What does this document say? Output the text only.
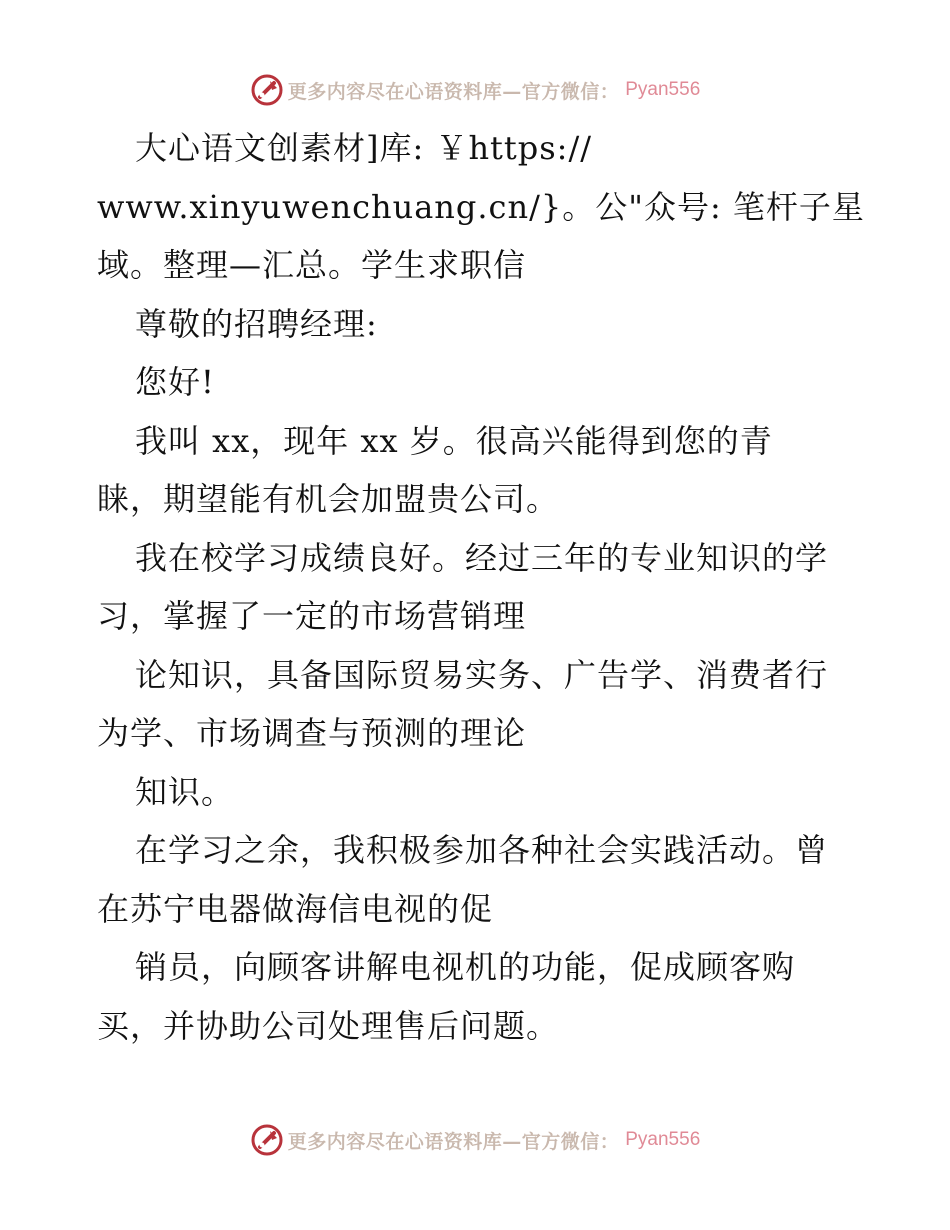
更多内容尽在心语资料库—官方微信： Pyan556
大心语文创素材]库: ￥https://
www.xinyuwenchuang.cn/}。公"众号: 笔杆子星
域。整理—汇总。学生求职信
尊敬的招聘经理:
您好!
我叫 xx，现年 xx 岁。很高兴能得到您的青
睐，期望能有机会加盟贵公司。
我在校学习成绩良好。经过三年的专业知识的学
习，掌握了一定的市场营销理
论知识，具备国际贸易实务、广告学、消费者行
为学、市场调查与预测的理论
知识。
在学习之余，我积极参加各种社会实践活动。曾
在苏宁电器做海信电视的促
销员，向顾客讲解电视机的功能，促成顾客购
买，并协助公司处理售后问题。
更多内容尽在心语资料库—官方微信： Pyan556
